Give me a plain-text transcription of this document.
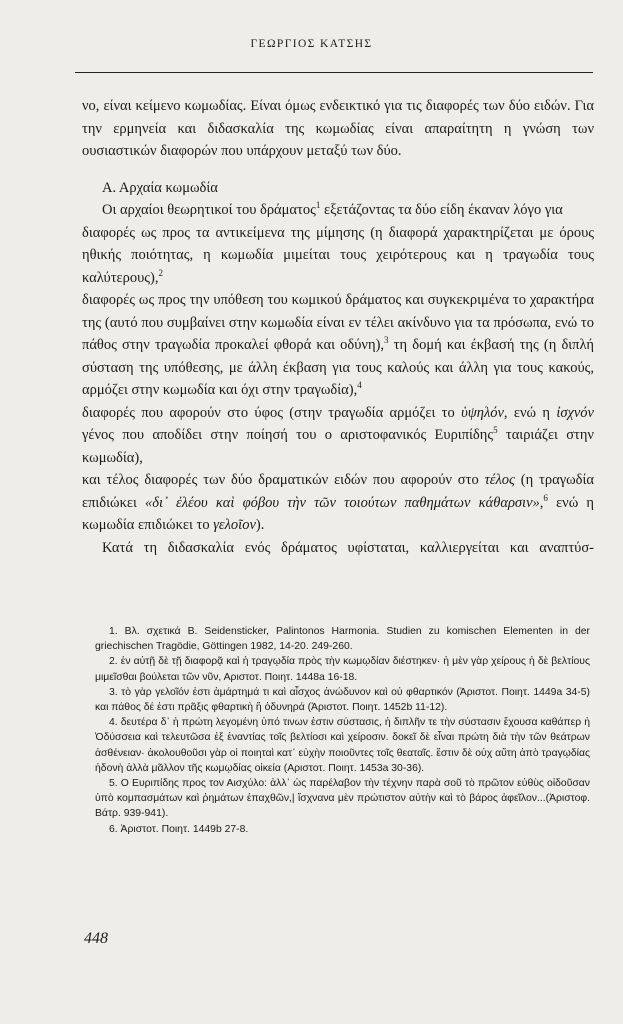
ΓΕΩΡΓΙΟΣ ΚΑΤΣΗΣ

νο, είναι κείμενο κωμωδίας. Είναι όμως ενδεικτικό για τις διαφορές των δύο ειδών. Για την ερμηνεία και διδασκαλία της κωμωδίας είναι απαραίτητη η γνώση των ουσιαστικών διαφορών που υπάρχουν μεταξύ των δύο.

Α. Αρχαία κωμωδία

Οι αρχαίοι θεωρητικοί του δράματος$^1$ εξετάζοντας τα δύο είδη έκαναν λόγο για

διαφορές ως προς τα αντικείμενα της μίμησης (η διαφορά χαρακτηρίζεται με όρους ηθικής ποιότητας, η κωμωδία μιμείται τους χειρότερους και η τραγωδία τους καλύτερους),$^2$

διαφορές ως προς την υπόθεση του κωμικού δράματος και συγκεκριμένα το χαρακτήρα της (αυτό που συμβαίνει στην κωμωδία είναι εν τέλει ακίνδυνο για τα πρόσωπα, ενώ το πάθος στην τραγωδία προκαλεί φθορά και οδύνη),$^3$ τη δομή και έκβασή της (η διπλή σύσταση της υπόθεσης, με άλλη έκβαση για τους καλούς και άλλη για τους κακούς, αρμόζει στην κωμωδία και όχι στην τραγωδία),$^4$

διαφορές που αφορούν στο ύφος (στην τραγωδία αρμόζει το ὑψηλόν, ενώ η ἰσχνόν γένος που αποδίδει στην ποίησή του ο αριστοφανικός Ευριπίδης$^5$ ταιριάζει στην κωμωδία),

και τέλος διαφορές των δύο δραματικών ειδών που αφορούν στο τέλος (η τραγωδία επιδιώκει «δι᾽ ἐλέου καὶ φόβου τὴν τῶν τοιούτων παθημάτων κάθαρσιν»,$^6$ ενώ η κωμωδία επιδιώκει το γελοῖον).

Κατά τη διδασκαλία ενός δράματος υφίσταται, καλλιεργείται και αναπτύσ-

1. Βλ. σχετικά B. Seidensticker, Palintonos Harmonia. Studien zu komischen Elementen in der griechischen Tragödie, Göttingen 1982, 14-20. 249-260.

2. ἐν αὐτῇ δὲ τῇ διαφορᾷ καὶ ἡ τραγῳδία πρὸς τὴν κωμῳδίαν διέστηκεν· ἡ μὲν γὰρ χείρους ἡ δὲ βελτίους μιμεῖσθαι βούλεται τῶν νῦν, Αριστοτ. Ποιητ. 1448a 16-18.

3. τὸ γὰρ γελοῖόν ἐστι ἁμάρτημά τι καὶ αἶσχος ἀνώδυνον καὶ οὐ φθαρτικόν (Ἀριστοτ. Ποιητ. 1449a 34-5) και πάθος δέ ἐστι πρᾶξις φθαρτικὴ ἢ ὀδυνηρά (Ἀριστοτ. Ποιητ. 1452b 11-12).

4. δευτέρα δ᾽ ἡ πρώτη λεγομένη ὑπό τινων ἐστιν σύστασις, ἡ διπλῆν τε τὴν σύστασιν ἔχουσα καθάπερ ἡ Ὀδύσσεια καὶ τελευτῶσα ἐξ ἐναντίας τοῖς βελτίοσι καὶ χείροσιν. δοκεῖ δὲ εἶναι πρώτη διὰ τὴν τῶν θεάτρων ἀσθένειαν· ἀκολουθοῦσι γὰρ οἱ ποιηταὶ κατ᾽ εὐχὴν ποιοῦντες τοῖς θεαταῖς. ἔστιν δὲ οὐχ αὕτη ἀπὸ τραγῳδίας ἡδονὴ ἀλλὰ μᾶλλον τῆς κωμῳδίας οἰκεία (Αριστοτ. Ποιητ. 1453a 30-36).

5. Ο Ευριπίδης προς τον Αισχύλο: ἀλλ᾽ ὡς παρέλαβον τὴν τέχνην παρὰ σοῦ τὸ πρῶτον εὐθὺς οἰδοῦσαν ὑπὸ κομπασμάτων καὶ ῥημάτων ἐπαχθῶν,| ἴσχνανα μὲν πρώτιστον αὐτὴν καὶ τὸ βάρος ἀφεῖλον...(Ἀριστοφ. Βάτρ. 939-941).

6. Ἀριστοτ. Ποιητ. 1449b 27-8.

448
